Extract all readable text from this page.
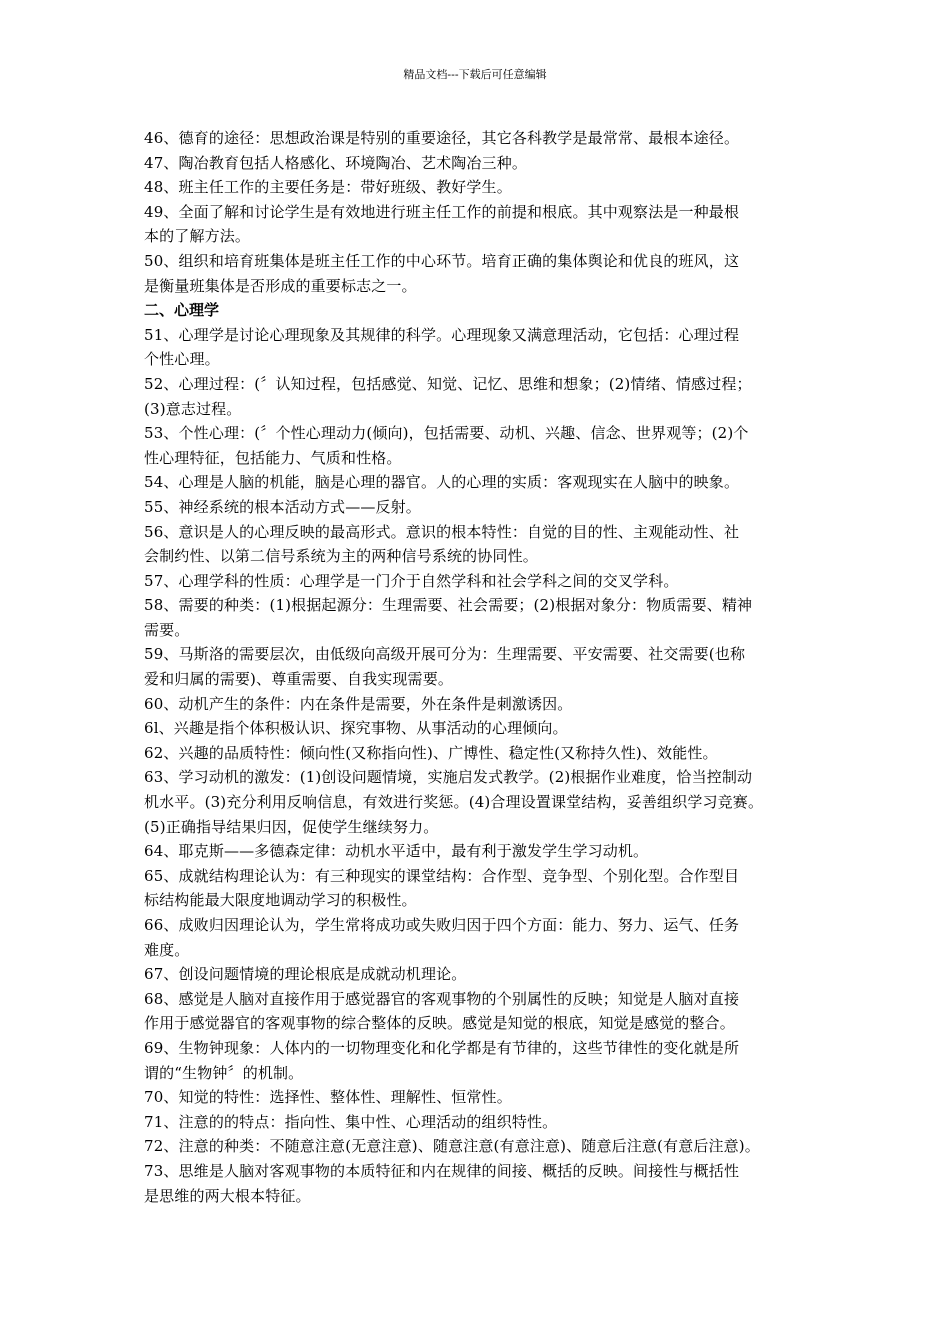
精品文档---下载后可任意编辑

46、德育的途径：思想政治课是特别的重要途径，其它各科教学是最常常、最根本途径。

47、陶冶教育包括人格感化、环境陶冶、艺术陶冶三种。

48、班主任工作的主要任务是：带好班级、教好学生。

49、全面了解和讨论学生是有效地进行班主任工作的前提和根底。其中观察法是一种最根

本的了解方法。

50、组织和培育班集体是班主任工作的中心环节。培育正确的集体舆论和优良的班风，这

是衡量班集体是否形成的重要标志之一。

二、心理学

51、心理学是讨论心理现象及其规律的科学。心理现象又满意理活动，它包括：心理过程

个性心理。

52、心理过程：(〞认知过程，包括感觉、知觉、记忆、思维和想象；(2)情绪、情感过程；

(3)意志过程。

53、个性心理：(〞个性心理动力(倾向)，包括需要、动机、兴趣、信念、世界观等；(2)个

性心理特征，包括能力、气质和性格。

54、心理是人脑的机能，脑是心理的器官。人的心理的实质：客观现实在人脑中的映象。

55、神经系统的根本活动方式——反射。

56、意识是人的心理反映的最高形式。意识的根本特性：自觉的目的性、主观能动性、社

会制约性、以第二信号系统为主的两种信号系统的协同性。

57、心理学科的性质：心理学是一门介于自然学科和社会学科之间的交叉学科。

58、需要的种类：(1)根据起源分：生理需要、社会需要；(2)根据对象分：物质需要、精神

需要。

59、马斯洛的需要层次，由低级向高级开展可分为：生理需要、平安需要、社交需要(也称

爱和归属的需要)、尊重需要、自我实现需要。

60、动机产生的条件：内在条件是需要，外在条件是刺激诱因。

6l、兴趣是指个体积极认识、探究事物、从事活动的心理倾向。

62、兴趣的品质特性：倾向性(又称指向性)、广博性、稳定性(又称持久性)、效能性。

63、学习动机的激发：(1)创设问题情境，实施启发式教学。(2)根据作业难度，恰当控制动

机水平。(3)充分利用反响信息，有效进行奖惩。(4)合理设置课堂结构，妥善组织学习竞赛。

(5)正确指导结果归因，促使学生继续努力。

64、耶克斯——多德森定律：动机水平适中，最有利于激发学生学习动机。

65、成就结构理论认为：有三种现实的课堂结构：合作型、竞争型、个别化型。合作型目

标结构能最大限度地调动学习的积极性。

66、成败归因理论认为，学生常将成功或失败归因于四个方面：能力、努力、运气、任务

难度。

67、创设问题情境的理论根底是成就动机理论。

68、感觉是人脑对直接作用于感觉器官的客观事物的个别属性的反映；知觉是人脑对直接

作用于感觉器官的客观事物的综合整体的反映。感觉是知觉的根底，知觉是感觉的整合。

69、生物钟现象：人体内的一切物理变化和化学都是有节律的，这些节律性的变化就是所

谓的“生物钟〞的机制。

70、知觉的特性：选择性、整体性、理解性、恒常性。

71、注意的的特点：指向性、集中性、心理活动的组织特性。

72、注意的种类：不随意注意(无意注意)、随意注意(有意注意)、随意后注意(有意后注意)。

73、思维是人脑对客观事物的本质特征和内在规律的间接、概括的反映。间接性与概括性

是思维的两大根本特征。
